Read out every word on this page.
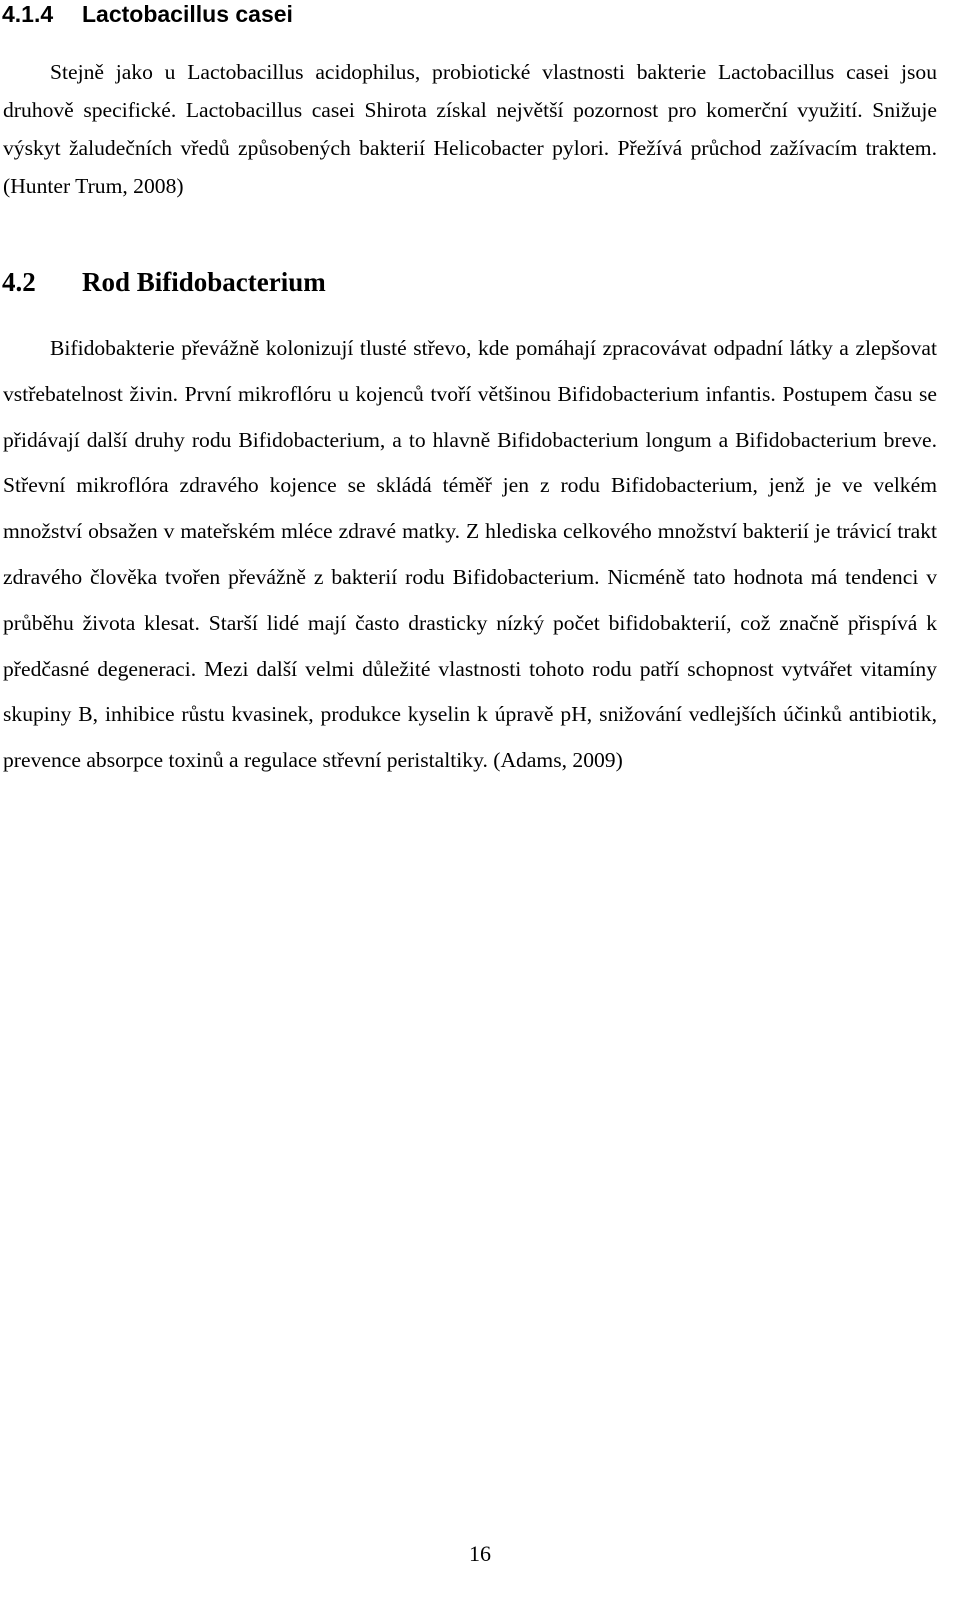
4.1.4 Lactobacillus casei

Stejně jako u Lactobacillus acidophilus, probiotické vlastnosti bakterie Lactobacillus casei jsou druhově specifické. Lactobacillus casei Shirota získal největší pozornost pro komerční využití. Snižuje výskyt žaludečních vředů způsobených bakterií Helicobacter pylori. Přežívá průchod zažívacím traktem. (Hunter Trum, 2008)

4.2 Rod Bifidobacterium

Bifidobakterie převážně kolonizují tlusté střevo, kde pomáhají zpracovávat odpadní látky a zlepšovat vstřebatelnost živin. První mikroflóru u kojenců tvoří většinou Bifidobacterium infantis. Postupem času se přidávají další druhy rodu Bifidobacterium, a to hlavně Bifidobacterium longum a Bifidobacterium breve. Střevní mikroflóra zdravého kojence se skládá téměř jen z rodu Bifidobacterium, jenž je ve velkém množství obsažen v mateřském mléce zdravé matky. Z hlediska celkového množství bakterií je trávicí trakt zdravého člověka tvořen převážně z bakterií rodu Bifidobacterium. Nicméně tato hodnota má tendenci v průběhu života klesat. Starší lidé mají často drasticky nízký počet bifidobakterií, což značně přispívá k předčasné degeneraci. Mezi další velmi důležité vlastnosti tohoto rodu patří schopnost vytvářet vitamíny skupiny B, inhibice růstu kvasinek, produkce kyselin k úpravě pH, snižování vedlejších účinků antibiotik, prevence absorpce toxinů a regulace střevní peristaltiky. (Adams, 2009)

16
